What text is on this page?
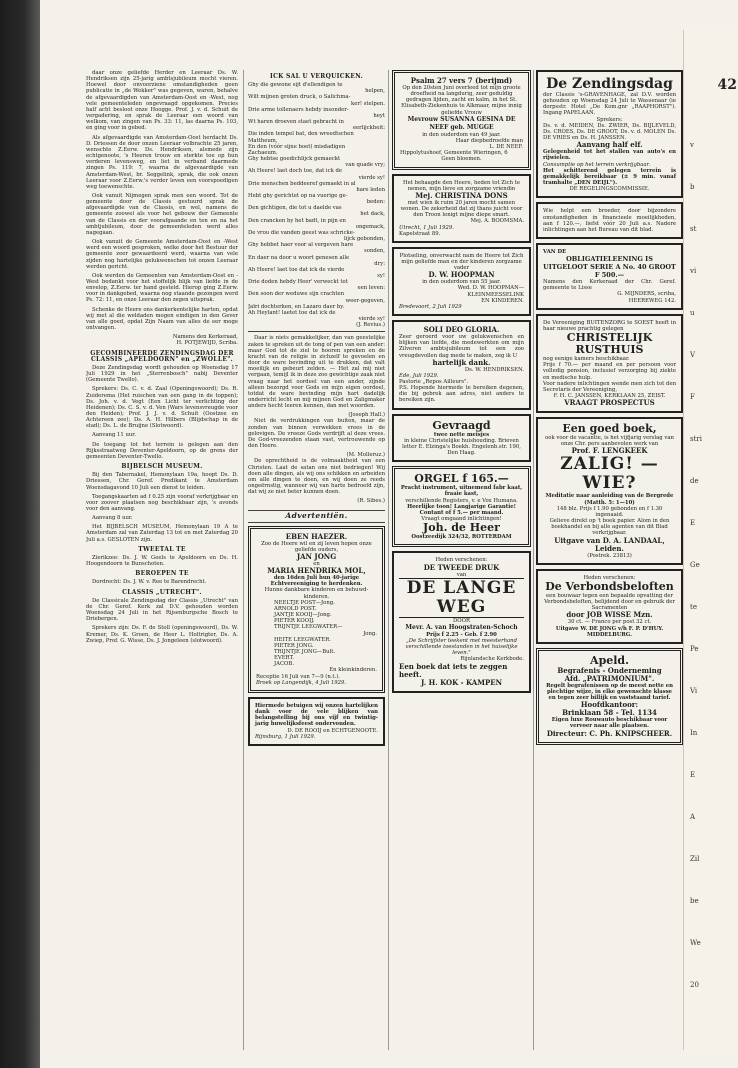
daar onze geliefde Herder en Leeraar Ds. W. Hendriksen zijn 25-jarig ambtsjubileum mocht vieren. Hoewel door onvoorziene omstandigheden geen publicatie in „de Wekker" was gegeven, waren, behalve de afgevaardigden van Amsterdam-Oost en -West, nog vele gemeenteleden ongevraagd opgekomen. Precies half acht besloot onze Hoogge. Prof. J. v. d. Schuit de vergadering, en sprak de Leeraar een woord van welkom, van zingen van Ps. 33: 11, las daarna Ps. 103, en ging voor in gebed.

Als afgevaardigde van Amsterdam-Oost herdacht Ds. D. Driessen de door onzen Leeraar volbrachte 25 jaren, wenschte Z.Eerw. Ds. Hendriksen, alsmede zijn echtgenoote, 's Heeren trouw en sterkte toe op hun verderen levensweg, en liet in verband daarmede zingen Ps. 119: 7, waarna de afgevaardigde van Amsterdam-West, br. Seggelink, sprak, die ook onzen Leeraar voor Z.Eerw.'s verder leven een voorspoedigen weg toewenschte.

Ook vanuit Nijmegen sprak men een woord. Tot de gemeente door de Classis gestuurd sprak de afgevaardigde van de Classis, en wel, namens de gemeente zoowel als voor het gebouw der Gemeente van de Classis en der voorafgaande en ten en na het ambtjubileum, door de gemeenteleden werd alles nagegaan.

Ook vanuit de Gemeente Amsterdam-Oost en -West werd een woord gesproken, welke door het Bestuur der gemeente zeer gewaardeerd werd, waarna van vele zijden nog hartelijke gelukwenschen tot onzen Leeraar werden gericht.

Ook werden de Gemeenten van Amsterdam-Oost en -West bedankt voor het stoffelijk blijk van liefde in de envelop, Z.Eerw. ter hand gesteld. Hierop ging Z.Eerw. voor in dankgebed, waarna nog staande gezongen werd Ps. 72: 11, en onze Leeraar den zegen uitsprak.

Schenke de Heere ons dankerkentelijke harten, opdat wij met al die weldaden mogen eindigen in den Gever van alle goed, opdat Zijn Naam van alles de eer moge ontvangen.

Namens den Kerkeraad,
H. POTJEWIJD, Scriba.
GECOMBINEERDE ZENDINGSDAG DER CLASSIS „APELDOORN" en „ZWOLLE".

Deze Zendingsdag wordt gehouden op Woensdag 17 Juli 1929 in het „Sterrenbosch" nabij Deventer (Gemeente Twello).

Sprekers: Ds. C. v. d. Zaal (Openingswoord); Ds. R. Zuiderema (Het ruischen van een gang in de toppen); Ds. Joh. v. d. Vegt (Een Licht ter verlichting der Heidenen); Ds. C. S. v. d. Ven (Wars levensvreugde voor den Heiden); Prof. J. J. v. d. Schuit (Oostzee en Achtereen zee); Ds. A. H. Hilbers (Blijdschap in de stad); Ds. L. de Bruijne (Slotwoord).

Aanvang 11 uur.

De toegang tot het terrein is gelegen aan den Rijksstraatweg Deventer-Apeldoorn, op de grens der gemeenten Deventer-Twello.

BIJBELSCH MUSEUM.

Bij den Tabernakel, Hemonylaan 19a, hoopt Ds. D. Driessen, Chr. Geref. Predikant te Amsterdam Woensdagavond 10 Juli een dienst te leiden.

Toegangskaarten ad f 0.25 zijn vooraf verkrijgbaar en voor zoover plaatsen nog beschikbaar zijn, 's avonds voor den aanvang.

Aanvang 8 uur.

Het BIJBELSCH MUSEUM, Hemonylaan 19 A te Amsterdam zal van Zaterdag 13 tot en met Zaterdag 20 Juli a.s. GESLOTEN zijn.

TWEETAL TE

Zierikzee: Ds. J. W. Geels te Apeldoorn en Ds. H. Hoogendoorn te Bunschoten.

BEROEPEN TE

Dordrecht: Ds. J. W. v. Ree te Barendrecht.

CLASSIS „UTRECHT".

De Classicale Zendingsdag der Classis „Utrecht" van de Chr. Geref. Kerk zal D.V. gehouden worden Woensdag 24 Juli in het Rijsenburgsche Bosch te Driebergen.

Sprekers zijn: Ds. F. de Stoll (openingswoord), Ds. W. Kremer, Ds. K. Groen, de Heer L. Holtrigter, Ds. A. Zwiep, Prof. G. Wisse, Ds. J. Jongeleen (slotwoord).

ICK SAL U VERQUICKEN.

Ghy die gewone sijt d'ellendigen te

helpen,

Wilt mijnen groten druck, o Salichma-

ker! stelpen.

Drie arme tollenaers hebdy insonder-

heyt

Wt haren droeven staet gebracht in

eerlijckheit:

Die inden tempel bat, den wreedtschen

Mattheum,

En den (vóór sijne boet) misdadigen

Zachaeum.

Ghy hebtse goedichlijck gemaeckt

van quade vry;

Ah Heere! laet doch toe, dat ick de

vierde sy!

Drie menschen beddeeref gemaekt in al

hare leden

Hebt ghy gerichtet op na vuerige ge-

beden:

Den gichtigen, die tot u daelde vas

het dack,

Den crancken by het badt, in pijn en

ongemack,

De vrou die vanden geest was schricke-

lijck gebonden,

Ghy hebbet haer voor al vergeven hare

sonden,

En daer na door u woort genesen alle

dry:

Ah Heere! laet toe dat ick de vierde

sy!

Drie doden hebdy Heer' verweckt tot

een leven:

Den soon der weduwe sijn crachten

weer-gegeven,

Jaïri dochterken, en Lazaro daer by.

Ah Heylant! laetet toe dat ick de

vierde sy!

(J. Revius.)

Daar is niets gemakkelijker, dan van geestelijke zaken te spreken uit de tong of pen van een ander: maar God tot de ziel te hooren spreken en de kracht van de religie in zichzelf te gevoelen en door de ware bevinding uit te drukken, dat valt moeilijk en gebeurt zelden. — Het zal mij niet vergaan, temijl ik in deze zoo gewichtige zaak niet vraag naar het oordeel van een ander, zijnde alleen bezorgd voor Gods en mijn eigen oordeel, totdat de ware bevinding mijn hart dadelijk onderricht lecht en mij mijnen God en Zaligmaker anders hecht leeren kennen, dan met woorden.

(Joseph Hall.)

Niet de verdrukkingen van buiten, maar de zonden van binnen verwekken vrees in de gelovigen. De vreeze Gods verdrijft al deze vrees. De God-vreezenden staan vast, vertrouwende op den Heere.

(M. Molleruz.)

De oprechtheid is de volmaaktheid van een Christen. Laat de satan ons niet bedriegen! Wij doen alle dingen, als wij ons schikken en arbeiden om alle dingen te doen, en wij doen ze reeds ongeërnstig, wanneer wij van harte bedroefd zijn, dat wij ze niet beter kunnen doen.

(R. Sibes.)
Advertentiën.
EBEN HAEZER.
Zoo de Heere wil en zij leven hopen onze geliefde ouders,
JAN JONG
en
MARIA HENDRIKA MOL,
den 16den Juli hun 40-jarige Echtvereeniging te herdenken.
Hunne dankbare kinderen en behuwd-kinderen.
NEELTJE POST—Jong.
ARNOLD POST.
JANTJE KOOIJ—Jong.
PIETER KOOIJ.
TRIJNTJE LEEGWATER—
Jong.
HEITE LEEGWATER.
PIETER JONG.
TRIJNTJE JONG—Bult.
EVERT.
JACOB.
En kleinkinderen.
Receptie 16 Juli van 7—9 (n.t.).
Broek op Langendijk, 4 Juli 1929.
Hiermede betuigen wij onzen hartelijken dank voor de vele blijken van belangstelling bij ons vijf en twintig-jarig huwelijksfeest ondervonden.
D. DE ROOIJ en ECHTGENOOTE.
Rijnsburg, 1 Juli 1929.
Psalm 27 vers 7 (berijmd)
Op den 20sten Juni overleed tot mijn groote droefheid na langdurig, zeer geduldig gedragen lijden, zacht en kalm, in het St. Elisabeth-Ziekenhuis te Alkmaar, mijne innig geliefde Vrouw
Mevrouw SUSANNA GESINA DE NEEF geb. MUGGE
in den ouderdom van 49 jaar.
Haar diepbedroefde man
L. DE NEEF.
Hippolytushoef, Gemeente Wieringen, 6
Geen bloemen.
Het behaagde den Heere, heden tot Zich te nemen, mijn lieve en zorgzame vriendin
Mej. CHRISTINA DONS
met wien ik ruim 20 jaren mocht samen wonen. De zekerheid dat zij thans juicht voor den Troon lenigt mijne diepe smart.
Mej. A. BOOMSMA.
Utrecht, 1 Juli 1929.
Kapelstraat 89.
Plotseling, onverwacht nam de Heere tot Zich mijn geliefde man en der kinderen zorgzame vader
D. W. HOOPMAN
in den ouderdom van 55 jaar.
Wed. D. W. HOOPMAN—
KLEINMEESSELINK
EN KINDEREN.
Bredevoort, 2 Juli 1929
SOLI DEO GLORIA.
Zeer geroerd voor uw gelukwenschen en blijken van liefde, die medewerkten om mijn Zilveren ambtsjubileum tot een zoo vreugdevollen dag mede te maken, zeg ik U
hartelijk dank.
Ds. W. HENDRIKSEN.
Ede, Juli 1929.
Pastorie „Repos Ailleurs".
P.S. Hopende hiermede te bereiken degenen, die bij gebrek aan adres, niet anders te bereiken zijn.
Gevraagd
twee nette meisjes
in kleine Christelijke huishouding. Brieven letter E. Elzinga's Boekh. Engelenb.str. 190, Den Haag.
ORGEL f 165.—
Pracht instrument, uitnemend fabr kaat, fraaie kast,
verschillende Registers, v. e Vox Humana.
Heerlijke toon! Langjarige Garantie!
Contant of f 5.— per maand.
Vraagt omgaand inlichtingen!
Joh. de Heer
Oostzeedijk 324/32, ROTTERDAM
Heden verschenen:
DE TWEEDE DRUK
van
DE LANGE WEG
DOOR
Mevr. A. van Hoogstraten-Schoch
Prijs f 2.25 - Geb. f 2.90
„De Schrijfster teekent met meesterhand verschillende toestanden in het huiselijke leven."
Rijnlandsche Kerkbode.
Een boek dat iets te zeggen heeft.
J. H. KOK - KAMPEN
De Zendingsdag
der Classis 's-GRAVENHAGE, zal D.V. worden gehouden op Woensdag 24 Juli te Wassenaar (ie dorpsstr. Hotel „De Kom.gnr „RAAPHORST"). Ingang PAPELAAN.
Sprekers:
Ds. v. d. MEIDEN, Ds. ZWIER, Ds. BIJLEVELD, Ds. CROES, Ds. DE GROOT, Ds. v. d. MOLEN Ds. DE VRIES en Ds. H. JANSSEN.
Aanvang half elf.
Gelegenheid tot het stallen van auto's en rijwielen.
Consumptie op het terrein verkrijgbaar.
Het schitterend gelegen terrein is gemakkelijk bereikbaar (± 9 min. vanaf tramhalte „DEN DEIJL").
DE REGELINGSCOMMISSIE.
Wie helpt een broeder, door bijzondere omstandigheden in financieele moeilijkheden, aan f 120.—, liefst vóór 20 Juli a.s. Nadere inlichtingen aan het Bureau van dit blad.
VAN DE
OBLIGATIELEENING IS UITGELOOT SERIE A No. 40 GROOT F 500.—
Namens den Kerkeraad der Chr. Geref. gemeente te Lisse
G. MIJNDERS, scriba,
HEEREWEG 142.
De Vereeniging BUITENZORG te SOEST heeft in haar nieuwe prachtig gelegen
CHRISTELIJK RUSTHUIS
nog eenige kamers beschikbaar.
Prijs f 70.— per maand en per persoon voor volledig pension, inclusief verzorging bij ziekte en medische hulp.
Voor nadere inlichtingen wende men zich tot den Secretaris der Vereeniging,
F. H. C. JANSSEN, KERKLAAN 25, ZEIST.
VRAAGT PROSPECTUS
Een goed boek,
ook voor de vacantie, is het vijfjarig verslag van onze Chr. pers aanbevolen werk van
Prof. F. LENGKEEK
ZALIG! — WIE?
Meditatie naar aanleiding van de Bergrede (Matth. 5: 1—10)
148 blz. Prijs f 1.90 gebonden en f 1.30 ingenaaid.
Gelieve direkt op 't boek papier. Alom in den boekhandel en bij alle agenten van dit Blad verkrijgbaar.
Uitgave van D. A. LANDAAL, Leiden.
(Postrek. 23813)
Heden verschenen:
De Verbondsbeloften
een bouwaar tegen een bepaalde opvatting der Verbondsbeloften, belijdend door en gebruik der Sacramenten
door JOB WISSE Mzn.
30 ct. — Franco per post 32 ct.
Uitgave W. DE JONG v/h F. P. D'HUY. MIDDELBURG.
Apeld.
Begrafenis - Onderneming
Afd. „PATRIMONIUM".
Regelt begrafenissen op de meest nette en plechtige wijze, in elke gewenschte klasse en tegen zeer billijk en vaststaand tarief.
Hoofdkantoor:
Brinklaan 58 - Tel. 1134
Eigen luxe Rouwauto beschikbaar voor vervoer naar alle plaatsen.
Directeur: C. Ph. KNIPSCHEER.
42
v
b
st
vi
u
V
F
stri
de
E
Ge
te
Pe
Vi
In
E
A
Zil
be
We
20
